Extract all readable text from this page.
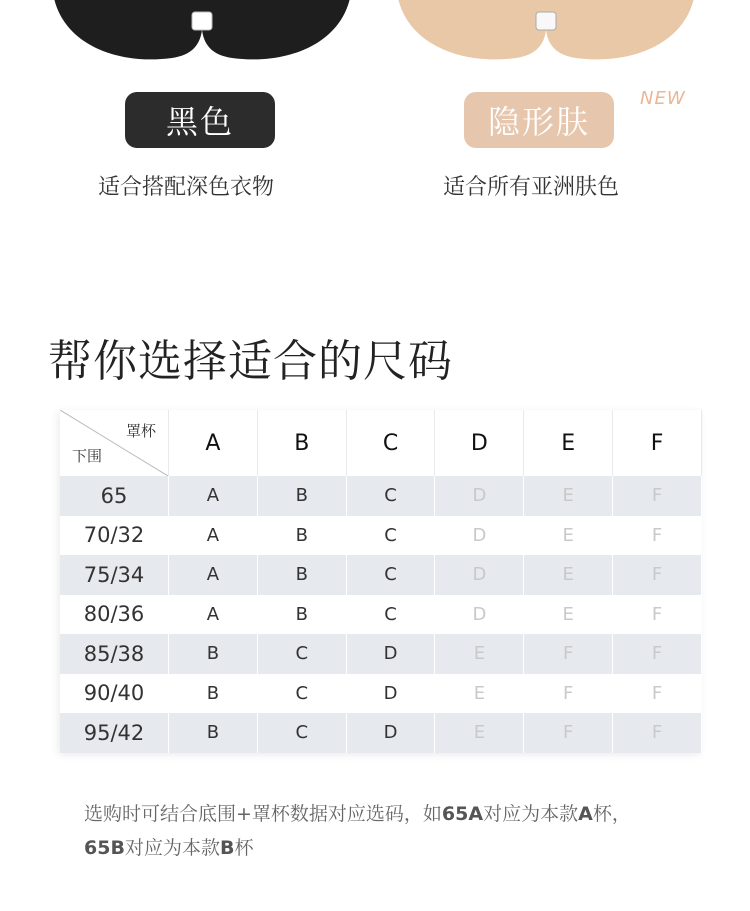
黑色	隐形肤
NEW
适合搭配深色衣物	适合所有亚洲肤色
帮你选择适合的尺码
罩杯
下围	A	B	C	D	E	F
65	A	B	C	D	E	F
70/32	A	B	C	D	E	F
75/34	A	B	C	D	E	F
80/36	A	B	C	D	E	F
85/38	B	C	D	E	F	F
90/40	B	C	D	E	F	F
95/42	B	C	D	E	F	F
选购时可结合底围+罩杯数据对应选码，如65A对应为本款A杯，
65B对应为本款B杯
